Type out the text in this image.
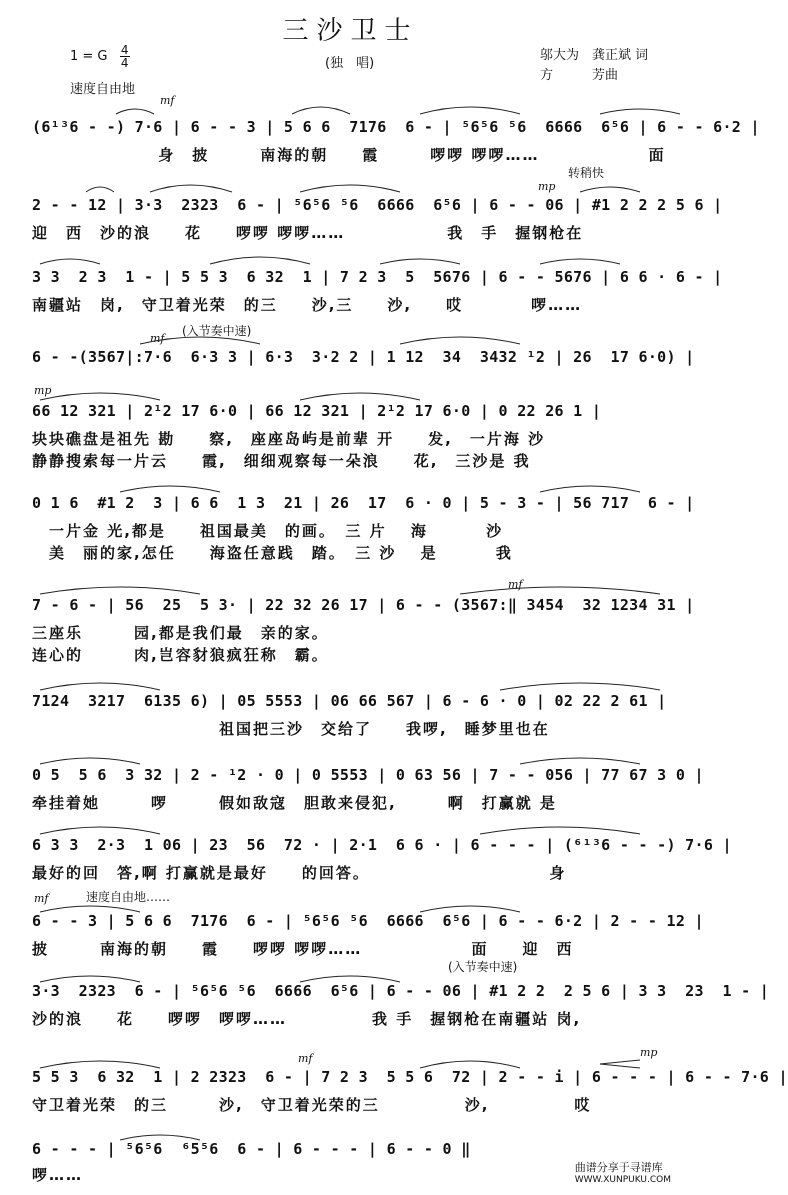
三沙卫士
1 = G $\frac{4}{4}$
速度自由地
(独　唱)
邬大为　龚正斌 词
方　　　芳曲
mf
(6¹³6 - -) 7·6 | 6 - - 3 | 5 6 6  7176  6 - | ⁵6⁵6 ⁵6  6666  6⁵6 | 6 - - 6·2 |
　　　　　　　 身　披　　　南海的朝　　霞　　　啰啰 啰啰……　　　　　　 面
mp
转稍快
2 - - 12 | 3·3  2323  6 - | ⁵6⁵6 ⁵6  6666  6⁵6 | 6 - - 06 | #1 2 2 2 5 6 |
迎　西　沙的浪　　花　　啰啰 啰啰……　　　　　　我　手　握钢枪在
3 3  2 3  1 - | 5 5 3  6 32  1 | 7 2 3  5  5676 | 6 - - 5676 | 6 6 · 6 - |
南疆站　岗,　守卫着光荣　的三　　沙,三　　沙,　　哎　　　　啰……
mf
(入节奏中速)
6 - -(3567|:7·6  6·3 3 | 6·3  3·2 2 | 1 12  34  3432 ¹2 | 26  17 6·0) |
mp
66 12 321 | 2¹2 17 6·0 | 66 12 321 | 2¹2 17 6·0 | 0 22 26 1 |
块块礁盘是祖先 勘　　察,　座座岛屿是前辈 开　　发,　一片海 沙
静静搜索每一片云　　霞,　细细观察每一朵浪　　花,　三沙是 我
0 1 6  #1 2  3 | 6 6  1 3  21 | 26  17  6 · 0 | 5 - 3 - | 56 717  6 - |
　一片金 光,都是　　祖国最美　的画。　三 片　 海　　　 沙
　美　丽的家,怎任　　海盗任意践　踏。　三 沙　 是　　　 我
mf
7 - 6 - | 56  25  5 3· | 22 32 26 17 | 6 - - (3567:‖ 3454  32 1234 31 |
三座乐　　　园,都是我们最　亲的家。
连心的　　　肉,岂容豺狼疯狂称　霸。
7124  3217  6135 6) | 05 5553 | 06 66 567 | 6 - 6 · 0 | 02 22 2 61 |
　　　　　　　　　　　祖国把三沙　交给了　　我啰,　睡梦里也在
0 5  5 6  3 32 | 2 - ¹2 · 0 | 0 5553 | 0 63 56 | 7 - - 056 | 77 67 3 0 |
牵挂着她　　　啰　　　假如敌寇　胆敢来侵犯,　　　啊　打赢就 是
6 3 3  2·3  1 06 | 23  56  72 · | 2·1  6 6 · | 6 - - - | (⁶¹³6 - - -) 7·6 |
最好的回　答,啊 打赢就是最好　　的回答。　　　　　　　　　　　身
mf	速度自由地……
6 - - 3 | 5 6 6  7176  6 - | ⁵6⁵6 ⁵6  6666  6⁵6 | 6 - - 6·2 | 2 - - 12 |
披　　　南海的朝　　霞　　啰啰 啰啰……　　　　　　 面　　迎　西
(入节奏中速)
3·3  2323  6 - | ⁵6⁵6 ⁵6  6666  6⁵6 | 6 - - 06 | #1 2 2  2 5 6 | 3 3  23  1 - |
沙的浪　　花　　啰啰　啰啰……　　　　　我 手　握钢枪在南疆站 岗,
mf	mp
5 5 3  6 32  1 | 2 2323  6 - | 7 2 3  5 5 6  72 | 2 - - i | 6 - - - | 6 - - 7·6 |
守卫着光荣　的三　　　沙,　守卫着光荣的三　　　　　沙,　　　　　哎
6 - - - | ⁵6⁵6  ⁶5⁵6  6 - | 6 - - - | 6 - - 0 ‖
啰……	曲谱分享于寻谱库
WWW.XUNPUKU.COM
